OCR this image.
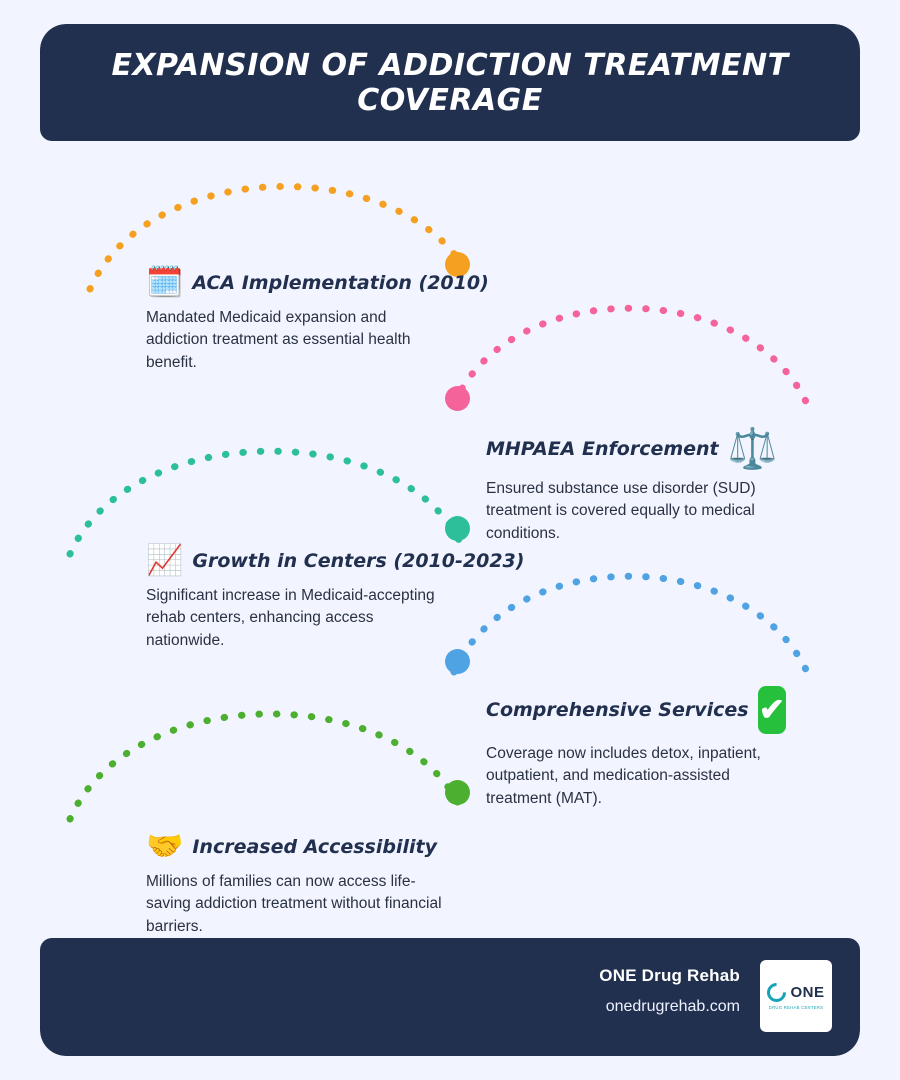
EXPANSION OF ADDICTION TREATMENT COVERAGE
🗓️ ACA Implementation (2010)
Mandated Medicaid expansion and addiction treatment as essential health benefit.
MHPAEA Enforcement ⚖️
Ensured substance use disorder (SUD) treatment is covered equally to medical conditions.
📈 Growth in Centers (2010-2023)
Significant increase in Medicaid-accepting rehab centers, enhancing access nationwide.
Comprehensive Services ✔
Coverage now includes detox, inpatient, outpatient, and medication-assisted treatment (MAT).
🤝 Increased Accessibility
Millions of families can now access life-saving addiction treatment without financial barriers.
ONE Drug Rehab
onedrugrehab.com
ONE
DRUG REHAB CENTERS
